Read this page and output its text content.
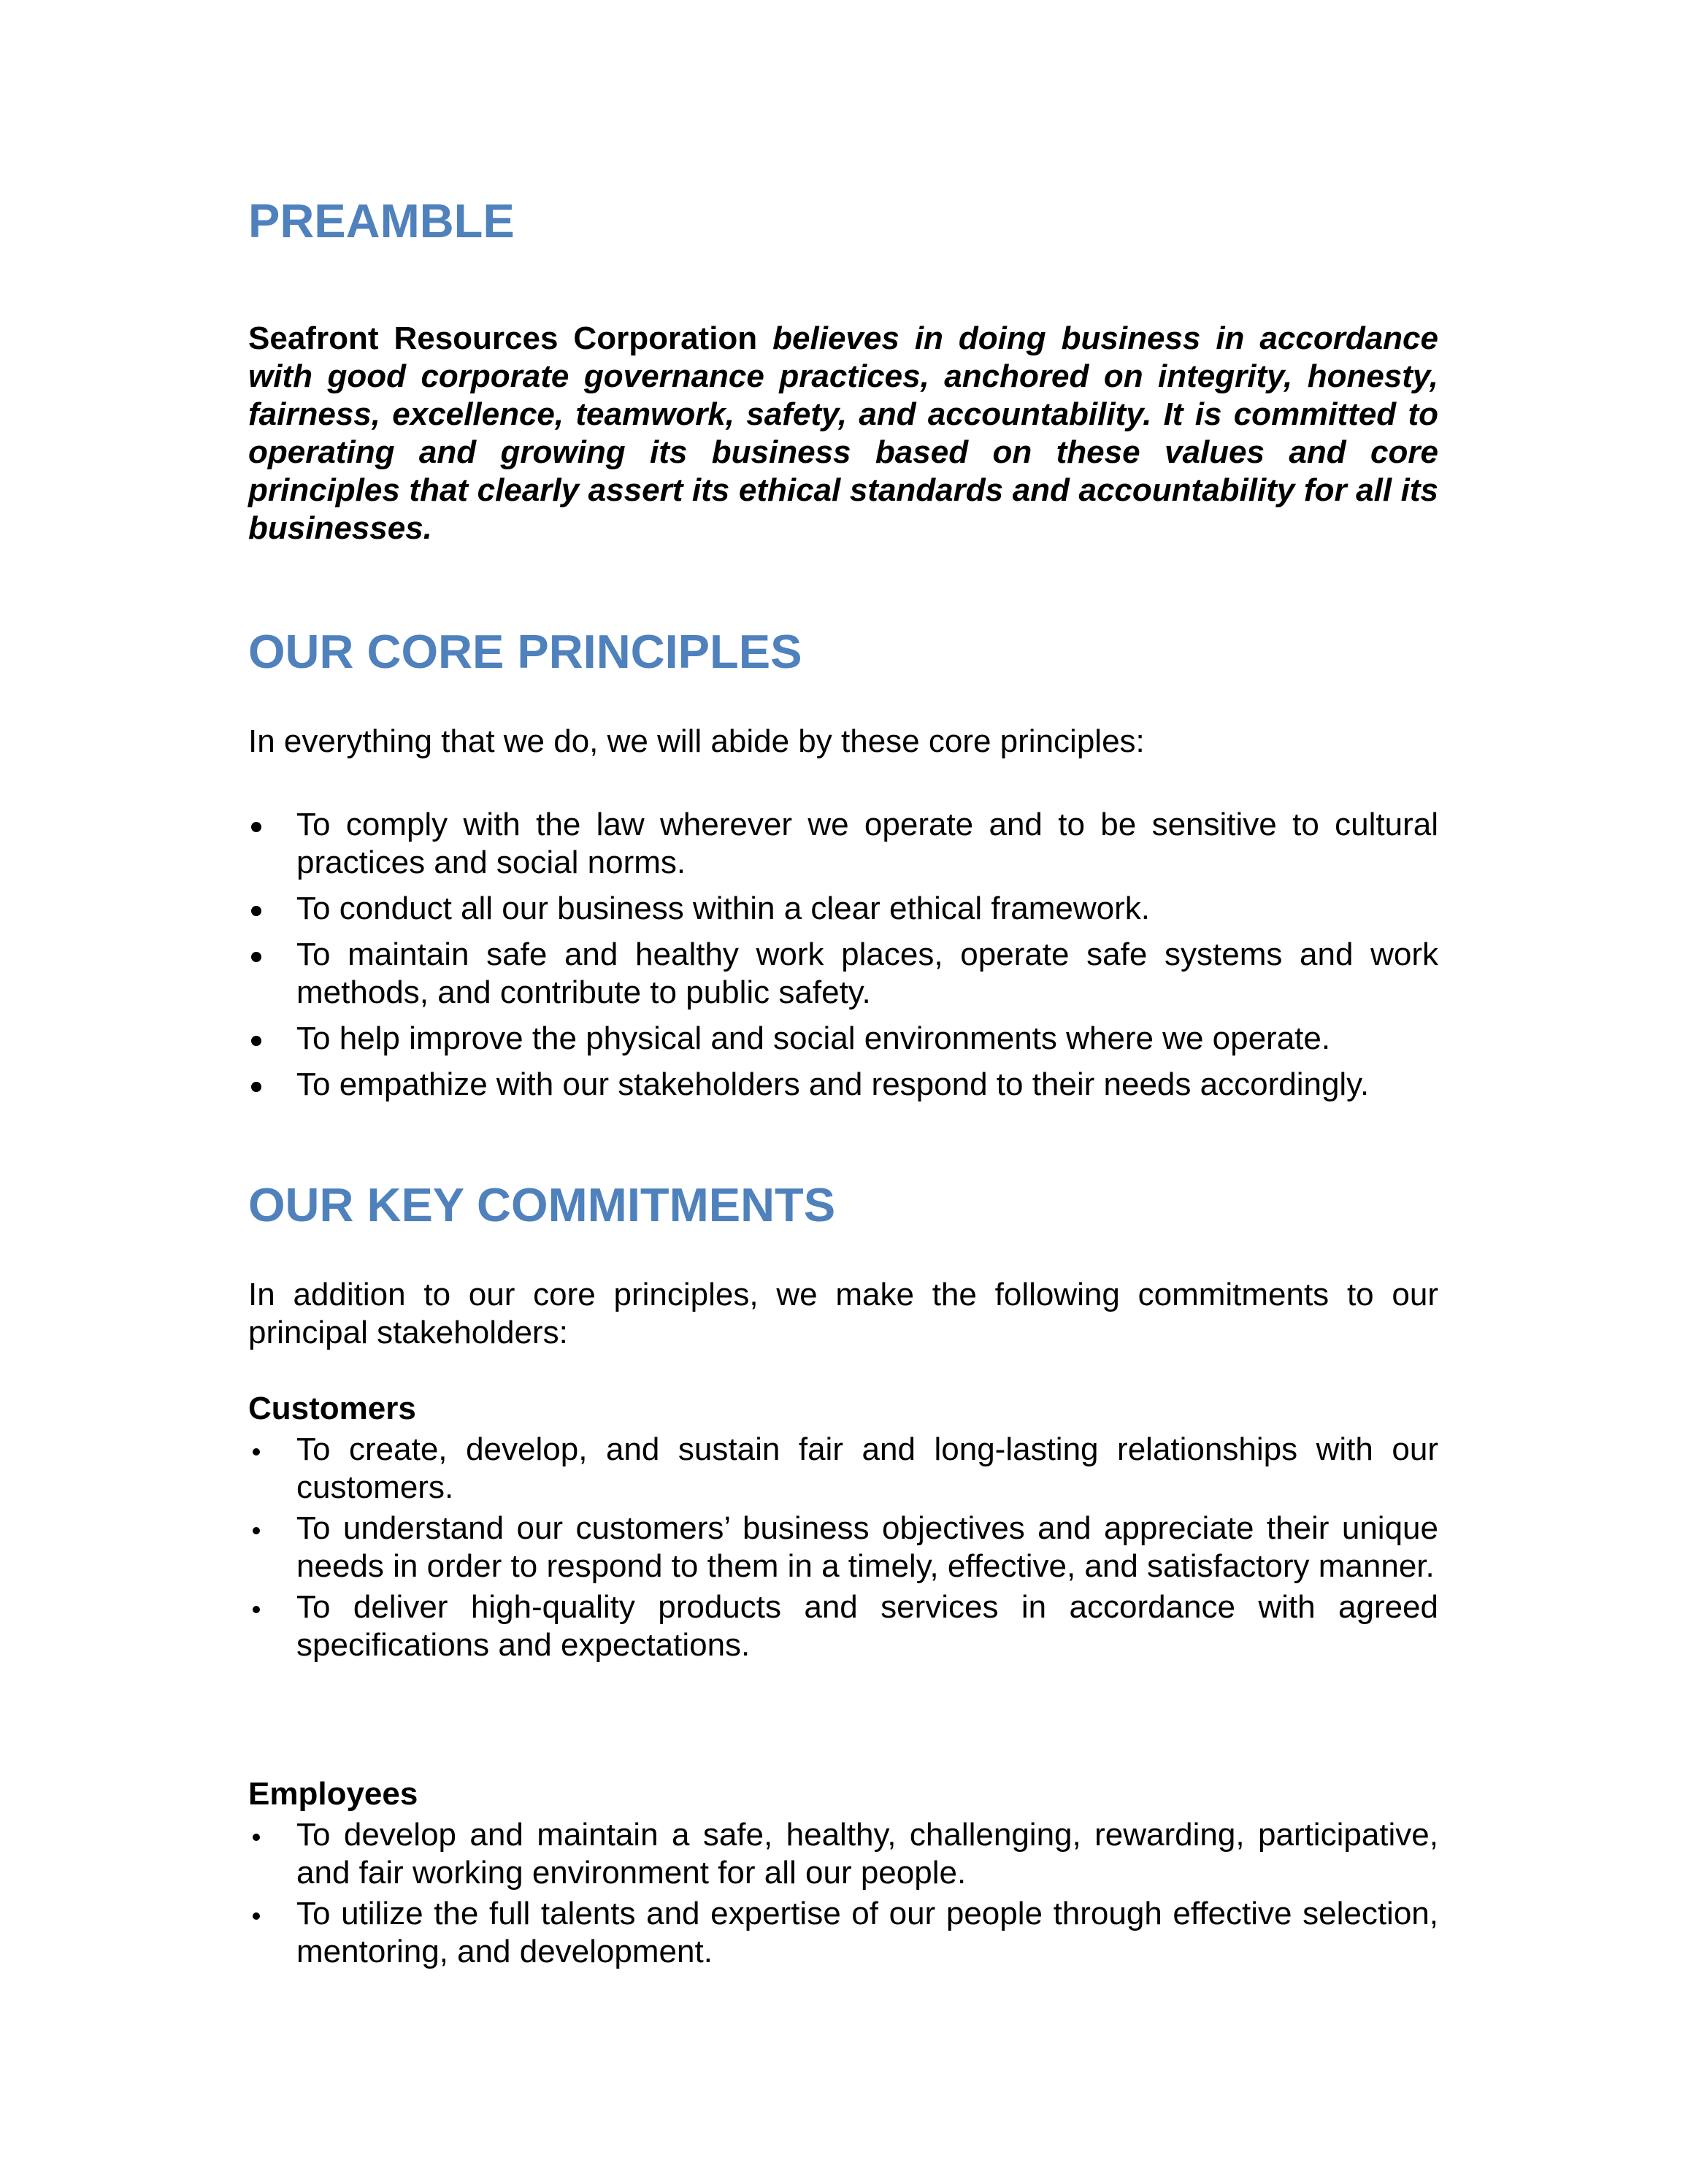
PREAMBLE

Seafront Resources Corporation believes in doing business in accordance with good corporate governance practices, anchored on integrity, honesty, fairness, excellence, teamwork, safety, and accountability. It is committed to operating and growing its business based on these values and core principles that clearly assert its ethical standards and accountability for all its businesses.

OUR CORE PRINCIPLES

In everything that we do, we will abide by these core principles:

To comply with the law wherever we operate and to be sensitive to cultural practices and social norms.
To conduct all our business within a clear ethical framework.
To maintain safe and healthy work places, operate safe systems and work methods, and contribute to public safety.
To help improve the physical and social environments where we operate.
To empathize with our stakeholders and respond to their needs accordingly.
OUR KEY COMMITMENTS

In addition to our core principles, we make the following commitments to our principal stakeholders:

Customers
To create, develop, and sustain fair and long-lasting relationships with our customers.
To understand our customers’ business objectives and appreciate their unique needs in order to respond to them in a timely, effective, and satisfactory manner.
To deliver high-quality products and services in accordance with agreed specifications and expectations.
Employees
To develop and maintain a safe, healthy, challenging, rewarding, participative, and fair working environment for all our people.
To utilize the full talents and expertise of our people through effective selection, mentoring, and development.
